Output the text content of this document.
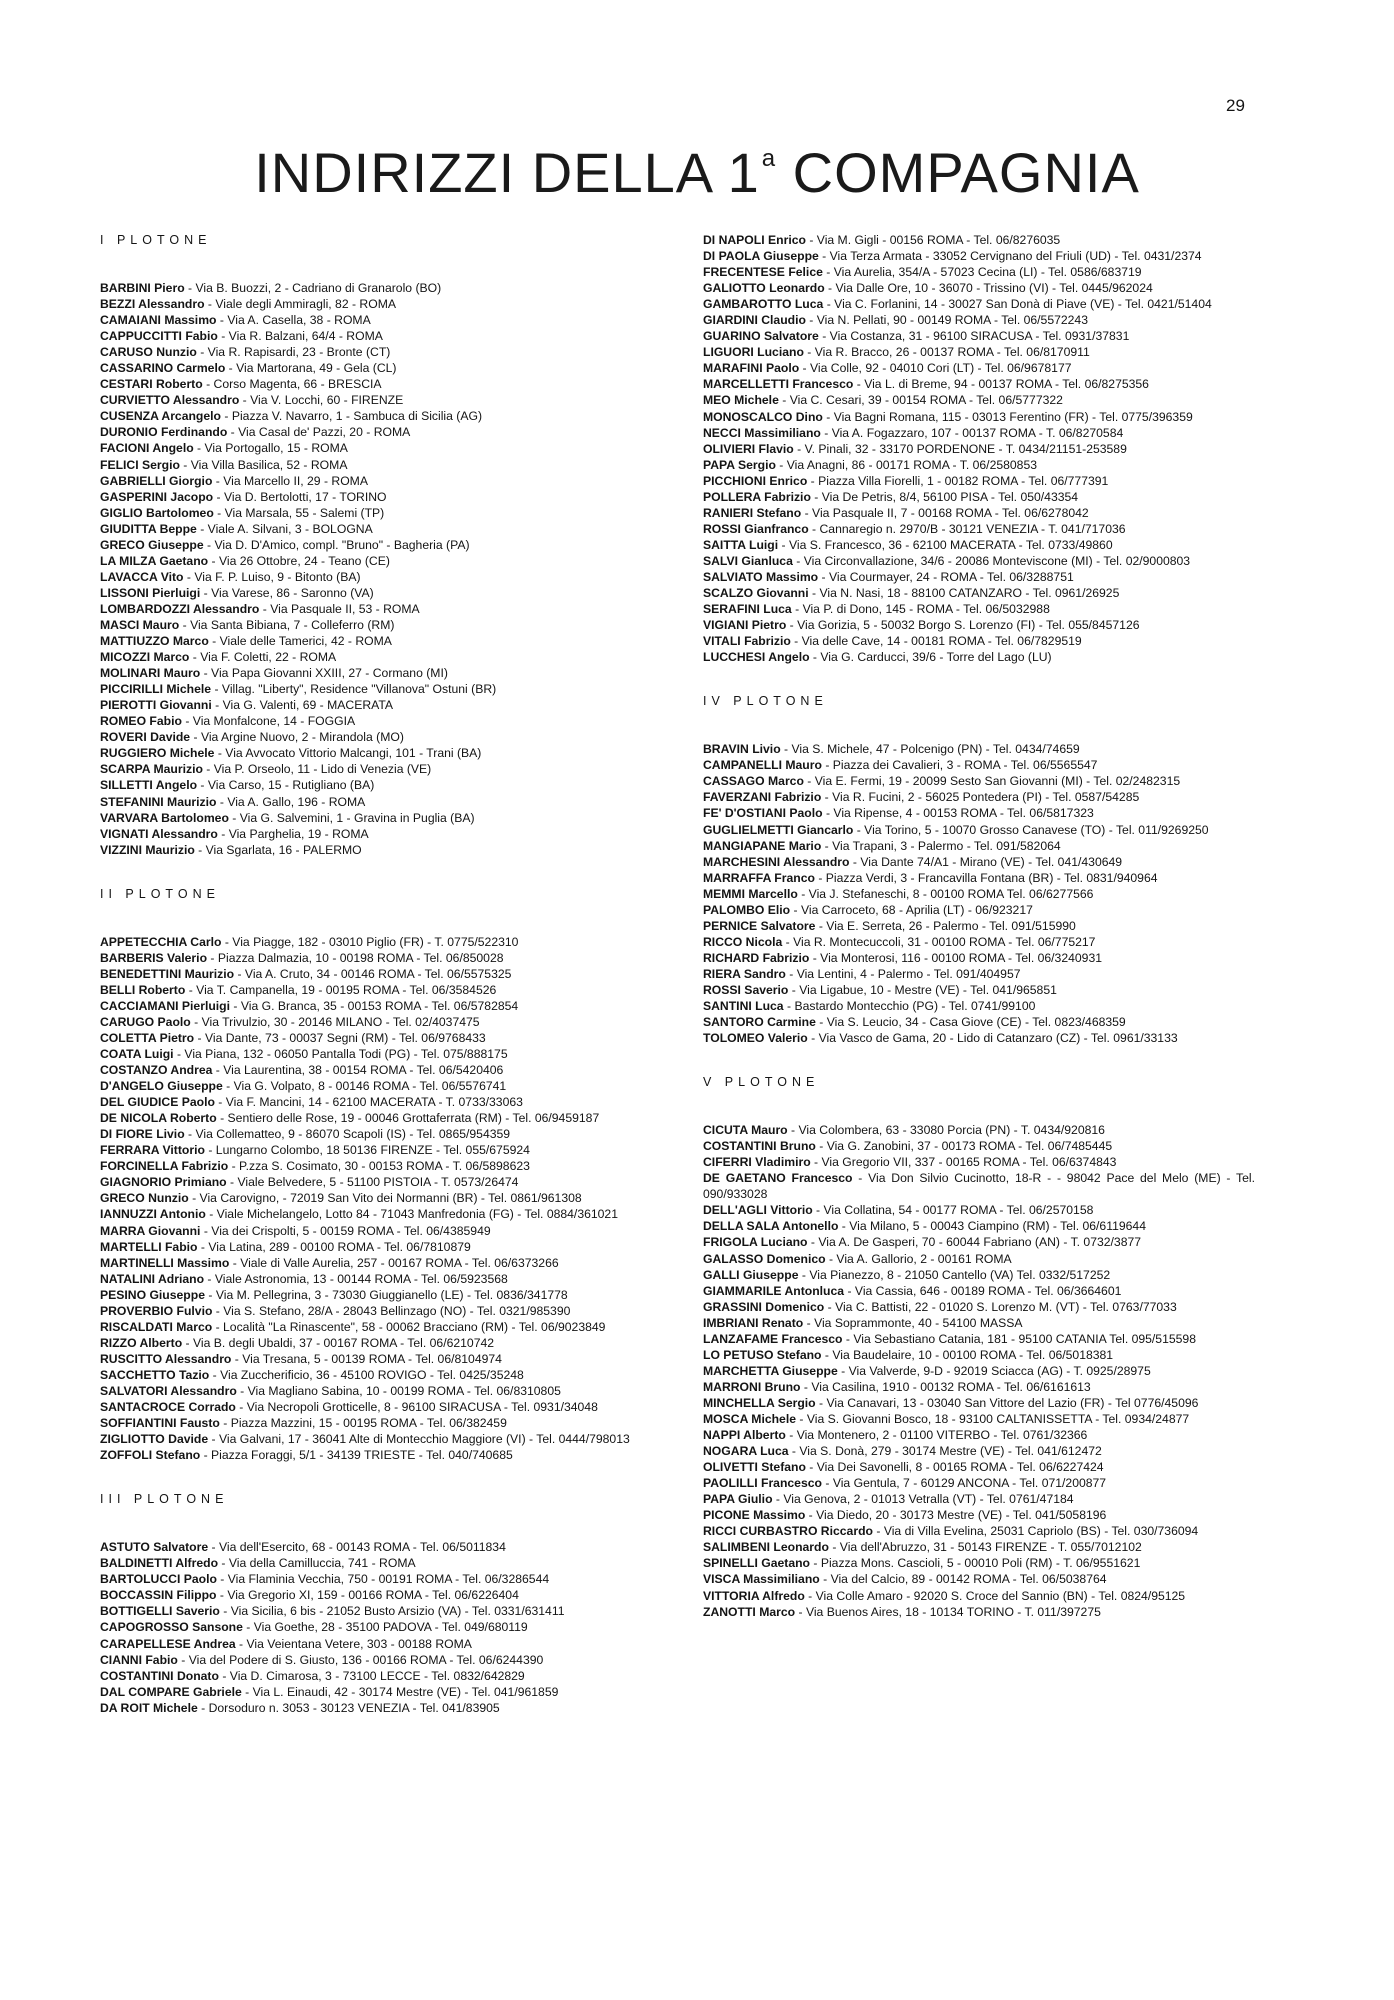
29
INDIRIZZI DELLA 1$^a$ COMPAGNIA
I PLOTONE
BARBINI Piero - Via B. Buozzi, 2 - Cadriano di Granarolo (BO)
BEZZI Alessandro - Viale degli Ammiragli, 82 - ROMA
CAMAIANI Massimo - Via A. Casella, 38 - ROMA
CAPPUCCITTI Fabio - Via R. Balzani, 64/4 - ROMA
CARUSO Nunzio - Via R. Rapisardi, 23 - Bronte (CT)
CASSARINO Carmelo - Via Martorana, 49 - Gela (CL)
CESTARI Roberto - Corso Magenta, 66 - BRESCIA
CURVIETTO Alessandro - Via V. Locchi, 60 - FIRENZE
CUSENZA Arcangelo - Piazza V. Navarro, 1 - Sambuca di Sicilia (AG)
DURONIO Ferdinando - Via Casal de' Pazzi, 20 - ROMA
FACIONI Angelo - Via Portogallo, 15 - ROMA
FELICI Sergio - Via Villa Basilica, 52 - ROMA
GABRIELLI Giorgio - Via Marcello II, 29 - ROMA
GASPERINI Jacopo - Via D. Bertolotti, 17 - TORINO
GIGLIO Bartolomeo - Via Marsala, 55 - Salemi (TP)
GIUDITTA Beppe - Viale A. Silvani, 3 - BOLOGNA
GRECO Giuseppe - Via D. D'Amico, compl. "Bruno" - Bagheria (PA)
LA MILZA Gaetano - Via 26 Ottobre, 24 - Teano (CE)
LAVACCA Vito - Via F. P. Luiso, 9 - Bitonto (BA)
LISSONI Pierluigi - Via Varese, 86 - Saronno (VA)
LOMBARDOZZI Alessandro - Via Pasquale II, 53 - ROMA
MASCI Mauro - Via Santa Bibiana, 7 - Colleferro (RM)
MATTIUZZO Marco - Viale delle Tamerici, 42 - ROMA
MICOZZI Marco - Via F. Coletti, 22 - ROMA
MOLINARI Mauro - Via Papa Giovanni XXIII, 27 - Cormano (MI)
PICCIRILLI Michele - Villag. "Liberty", Residence "Villanova" Ostuni (BR)
PIEROTTI Giovanni - Via G. Valenti, 69 - MACERATA
ROMEO Fabio - Via Monfalcone, 14 - FOGGIA
ROVERI Davide - Via Argine Nuovo, 2 - Mirandola (MO)
RUGGIERO Michele - Via Avvocato Vittorio Malcangi, 101 - Trani (BA)
SCARPA Maurizio - Via P. Orseolo, 11 - Lido di Venezia (VE)
SILLETTI Angelo - Via Carso, 15 - Rutigliano (BA)
STEFANINI Maurizio - Via A. Gallo, 196 - ROMA
VARVARA Bartolomeo - Via G. Salvemini, 1 - Gravina in Puglia (BA)
VIGNATI Alessandro - Via Parghelia, 19 - ROMA
VIZZINI Maurizio - Via Sgarlata, 16 - PALERMO
II PLOTONE
APPETECCHIA Carlo - Via Piagge, 182 - 03010 Piglio (FR) - T. 0775/522310
BARBERIS Valerio - Piazza Dalmazia, 10 - 00198 ROMA - Tel. 06/850028
BENEDETTINI Maurizio - Via A. Cruto, 34 - 00146 ROMA - Tel. 06/5575325
BELLI Roberto - Via T. Campanella, 19 - 00195 ROMA - Tel. 06/3584526
CACCIAMANI Pierluigi - Via G. Branca, 35 - 00153 ROMA - Tel. 06/5782854
CARUGO Paolo - Via Trivulzio, 30 - 20146 MILANO - Tel. 02/4037475
COLETTA Pietro - Via Dante, 73 - 00037 Segni (RM) - Tel. 06/9768433
COATA Luigi - Via Piana, 132 - 06050 Pantalla Todi (PG) - Tel. 075/888175
COSTANZO Andrea - Via Laurentina, 38 - 00154 ROMA - Tel. 06/5420406
D'ANGELO Giuseppe - Via G. Volpato, 8 - 00146 ROMA - Tel. 06/5576741
DEL GIUDICE Paolo - Via F. Mancini, 14 - 62100 MACERATA - T. 0733/33063
DE NICOLA Roberto - Sentiero delle Rose, 19 - 00046 Grottaferrata (RM) - Tel. 06/9459187
DI FIORE Livio - Via Collematteo, 9 - 86070 Scapoli (IS) - Tel. 0865/954359
FERRARA Vittorio - Lungarno Colombo, 18 50136 FIRENZE - Tel. 055/675924
FORCINELLA Fabrizio - P.zza S. Cosimato, 30 - 00153 ROMA - T. 06/5898623
GIAGNORIO Primiano - Viale Belvedere, 5 - 51100 PISTOIA - T. 0573/26474
GRECO Nunzio - Via Carovigno, - 72019 San Vito dei Normanni (BR) - Tel. 0861/961308
IANNUZZI Antonio - Viale Michelangelo, Lotto 84 - 71043 Manfredonia (FG) - Tel. 0884/361021
MARRA Giovanni - Via dei Crispolti, 5 - 00159 ROMA - Tel. 06/4385949
MARTELLI Fabio - Via Latina, 289 - 00100 ROMA - Tel. 06/7810879
MARTINELLI Massimo - Viale di Valle Aurelia, 257 - 00167 ROMA - Tel. 06/6373266
NATALINI Adriano - Viale Astronomia, 13 - 00144 ROMA - Tel. 06/5923568
PESINO Giuseppe - Via M. Pellegrina, 3 - 73030 Giuggianello (LE) - Tel. 0836/341778
PROVERBIO Fulvio - Via S. Stefano, 28/A - 28043 Bellinzago (NO) - Tel. 0321/985390
RISCALDATI Marco - Località "La Rinascente", 58 - 00062 Bracciano (RM) - Tel. 06/9023849
RIZZO Alberto - Via B. degli Ubaldi, 37 - 00167 ROMA - Tel. 06/6210742
RUSCITTO Alessandro - Via Tresana, 5 - 00139 ROMA - Tel. 06/8104974
SACCHETTO Tazio - Via Zuccherificio, 36 - 45100 ROVIGO - Tel. 0425/35248
SALVATORI Alessandro - Via Magliano Sabina, 10 - 00199 ROMA - Tel. 06/8310805
SANTACROCE Corrado - Via Necropoli Grotticelle, 8 - 96100 SIRACUSA - Tel. 0931/34048
SOFFIANTINI Fausto - Piazza Mazzini, 15 - 00195 ROMA - Tel. 06/382459
ZIGLIOTTO Davide - Via Galvani, 17 - 36041 Alte di Montecchio Maggiore (VI) - Tel. 0444/798013
ZOFFOLI Stefano - Piazza Foraggi, 5/1 - 34139 TRIESTE - Tel. 040/740685
III PLOTONE
ASTUTO Salvatore - Via dell'Esercito, 68 - 00143 ROMA - Tel. 06/5011834
BALDINETTI Alfredo - Via della Camilluccia, 741 - ROMA
BARTOLUCCI Paolo - Via Flaminia Vecchia, 750 - 00191 ROMA - Tel. 06/3286544
BOCCASSIN Filippo - Via Gregorio XI, 159 - 00166 ROMA - Tel. 06/6226404
BOTTIGELLI Saverio - Via Sicilia, 6 bis - 21052 Busto Arsizio (VA) - Tel. 0331/631411
CAPOGROSSO Sansone - Via Goethe, 28 - 35100 PADOVA - Tel. 049/680119
CARAPELLESE Andrea - Via Veientana Vetere, 303 - 00188 ROMA
CIANNI Fabio - Via del Podere di S. Giusto, 136 - 00166 ROMA - Tel. 06/6244390
COSTANTINI Donato - Via D. Cimarosa, 3 - 73100 LECCE - Tel. 0832/642829
DAL COMPARE Gabriele - Via L. Einaudi, 42 - 30174 Mestre (VE) - Tel. 041/961859
DA ROIT Michele - Dorsoduro n. 3053 - 30123 VENEZIA - Tel. 041/83905
DI NAPOLI Enrico - Via M. Gigli - 00156 ROMA - Tel. 06/8276035
DI PAOLA Giuseppe - Via Terza Armata - 33052 Cervignano del Friuli (UD) - Tel. 0431/2374
FRECENTESE Felice - Via Aurelia, 354/A - 57023 Cecina (LI) - Tel. 0586/683719
GALIOTTO Leonardo - Via Dalle Ore, 10 - 36070 - Trissino (VI) - Tel. 0445/962024
GAMBAROTTO Luca - Via C. Forlanini, 14 - 30027 San Donà di Piave (VE) - Tel. 0421/51404
GIARDINI Claudio - Via N. Pellati, 90 - 00149 ROMA - Tel. 06/5572243
GUARINO Salvatore - Via Costanza, 31 - 96100 SIRACUSA - Tel. 0931/37831
LIGUORI Luciano - Via R. Bracco, 26 - 00137 ROMA - Tel. 06/8170911
MARAFINI Paolo - Via Colle, 92 - 04010 Cori (LT) - Tel. 06/9678177
MARCELLETTI Francesco - Via L. di Breme, 94 - 00137 ROMA - Tel. 06/8275356
MEO Michele - Via C. Cesari, 39 - 00154 ROMA - Tel. 06/5777322
MONOSCALCO Dino - Via Bagni Romana, 115 - 03013 Ferentino (FR) - Tel. 0775/396359
NECCI Massimiliano - Via A. Fogazzaro, 107 - 00137 ROMA - T. 06/8270584
OLIVIERI Flavio - V. Pinali, 32 - 33170 PORDENONE - T. 0434/21151-253589
PAPA Sergio - Via Anagni, 86 - 00171 ROMA - T. 06/2580853
PICCHIONI Enrico - Piazza Villa Fiorelli, 1 - 00182 ROMA - Tel. 06/777391
POLLERA Fabrizio - Via De Petris, 8/4, 56100 PISA - Tel. 050/43354
RANIERI Stefano - Via Pasquale II, 7 - 00168 ROMA - Tel. 06/6278042
ROSSI Gianfranco - Cannaregio n. 2970/B - 30121 VENEZIA - T. 041/717036
SAITTA Luigi - Via S. Francesco, 36 - 62100 MACERATA - Tel. 0733/49860
SALVI Gianluca - Via Circonvallazione, 34/6 - 20086 Monteviscone (MI) - Tel. 02/9000803
SALVIATO Massimo - Via Courmayer, 24 - ROMA - Tel. 06/3288751
SCALZO Giovanni - Via N. Nasi, 18 - 88100 CATANZARO - Tel. 0961/26925
SERAFINI Luca - Via P. di Dono, 145 - ROMA - Tel. 06/5032988
VIGIANI Pietro - Via Gorizia, 5 - 50032 Borgo S. Lorenzo (FI) - Tel. 055/8457126
VITALI Fabrizio - Via delle Cave, 14 - 00181 ROMA - Tel. 06/7829519
LUCCHESI Angelo - Via G. Carducci, 39/6 - Torre del Lago (LU)
IV PLOTONE
BRAVIN Livio - Via S. Michele, 47 - Polcenigo (PN) - Tel. 0434/74659
CAMPANELLI Mauro - Piazza dei Cavalieri, 3 - ROMA - Tel. 06/5565547
CASSAGO Marco - Via E. Fermi, 19 - 20099 Sesto San Giovanni (MI) - Tel. 02/2482315
FAVERZANI Fabrizio - Via R. Fucini, 2 - 56025 Pontedera (PI) - Tel. 0587/54285
FE' D'OSTIANI Paolo - Via Ripense, 4 - 00153 ROMA - Tel. 06/5817323
GUGLIELMETTI Giancarlo - Via Torino, 5 - 10070 Grosso Canavese (TO) - Tel. 011/9269250
MANGIAPANE Mario - Via Trapani, 3 - Palermo - Tel. 091/582064
MARCHESINI Alessandro - Via Dante 74/A1 - Mirano (VE) - Tel. 041/430649
MARRAFFA Franco - Piazza Verdi, 3 - Francavilla Fontana (BR) - Tel. 0831/940964
MEMMI Marcello - Via J. Stefaneschi, 8 - 00100 ROMA Tel. 06/6277566
PALOMBO Elio - Via Carroceto, 68 - Aprilia (LT) - 06/923217
PERNICE Salvatore - Via E. Serreta, 26 - Palermo - Tel. 091/515990
RICCO Nicola - Via R. Montecuccoli, 31 - 00100 ROMA - Tel. 06/775217
RICHARD Fabrizio - Via Monterosi, 116 - 00100 ROMA - Tel. 06/3240931
RIERA Sandro - Via Lentini, 4 - Palermo - Tel. 091/404957
ROSSI Saverio - Via Ligabue, 10 - Mestre (VE) - Tel. 041/965851
SANTINI Luca - Bastardo Montecchio (PG) - Tel. 0741/99100
SANTORO Carmine - Via S. Leucio, 34 - Casa Giove (CE) - Tel. 0823/468359
TOLOMEO Valerio - Via Vasco de Gama, 20 - Lido di Catanzaro (CZ) - Tel. 0961/33133
V PLOTONE
CICUTA Mauro - Via Colombera, 63 - 33080 Porcia (PN) - T. 0434/920816
COSTANTINI Bruno - Via G. Zanobini, 37 - 00173 ROMA - Tel. 06/7485445
CIFERRI Vladimiro - Via Gregorio VII, 337 - 00165 ROMA - Tel. 06/6374843
DE GAETANO Francesco - Via Don Silvio Cucinotto, 18-R - - 98042 Pace del Melo (ME) - Tel. 090/933028
DELL'AGLI Vittorio - Via Collatina, 54 - 00177 ROMA - Tel. 06/2570158
DELLA SALA Antonello - Via Milano, 5 - 00043 Ciampino (RM) - Tel. 06/6119644
FRIGOLA Luciano - Via A. De Gasperi, 70 - 60044 Fabriano (AN) - T. 0732/3877
GALASSO Domenico - Via A. Gallorio, 2 - 00161 ROMA
GALLI Giuseppe - Via Pianezzo, 8 - 21050 Cantello (VA) Tel. 0332/517252
GIAMMARILE Antonluca - Via Cassia, 646 - 00189 ROMA - Tel. 06/3664601
GRASSINI Domenico - Via C. Battisti, 22 - 01020 S. Lorenzo M. (VT) - Tel. 0763/77033
IMBRIANI Renato - Via Soprammonte, 40 - 54100 MASSA
LANZAFAME Francesco - Via Sebastiano Catania, 181 - 95100 CATANIA Tel. 095/515598
LO PETUSO Stefano - Via Baudelaire, 10 - 00100 ROMA - Tel. 06/5018381
MARCHETTA Giuseppe - Via Valverde, 9-D - 92019 Sciacca (AG) - T. 0925/28975
MARRONI Bruno - Via Casilina, 1910 - 00132 ROMA - Tel. 06/6161613
MINCHELLA Sergio - Via Canavari, 13 - 03040 San Vittore del Lazio (FR) - Tel 0776/45096
MOSCA Michele - Via S. Giovanni Bosco, 18 - 93100 CALTANISSETTA - Tel. 0934/24877
NAPPI Alberto - Via Montenero, 2 - 01100 VITERBO - Tel. 0761/32366
NOGARA Luca - Via S. Donà, 279 - 30174 Mestre (VE) - Tel. 041/612472
OLIVETTI Stefano - Via Dei Savonelli, 8 - 00165 ROMA - Tel. 06/6227424
PAOLILLI Francesco - Via Gentula, 7 - 60129 ANCONA - Tel. 071/200877
PAPA Giulio - Via Genova, 2 - 01013 Vetralla (VT) - Tel. 0761/47184
PICONE Massimo - Via Diedo, 20 - 30173 Mestre (VE) - Tel. 041/5058196
RICCI CURBASTRO Riccardo - Via di Villa Evelina, 25031 Capriolo (BS) - Tel. 030/736094
SALIMBENI Leonardo - Via dell'Abruzzo, 31 - 50143 FIRENZE - T. 055/7012102
SPINELLI Gaetano - Piazza Mons. Cascioli, 5 - 00010 Poli (RM) - T. 06/9551621
VISCA Massimiliano - Via del Calcio, 89 - 00142 ROMA - Tel. 06/5038764
VITTORIA Alfredo - Via Colle Amaro - 92020 S. Croce del Sannio (BN) - Tel. 0824/95125
ZANOTTI Marco - Via Buenos Aires, 18 - 10134 TORINO - T. 011/397275
